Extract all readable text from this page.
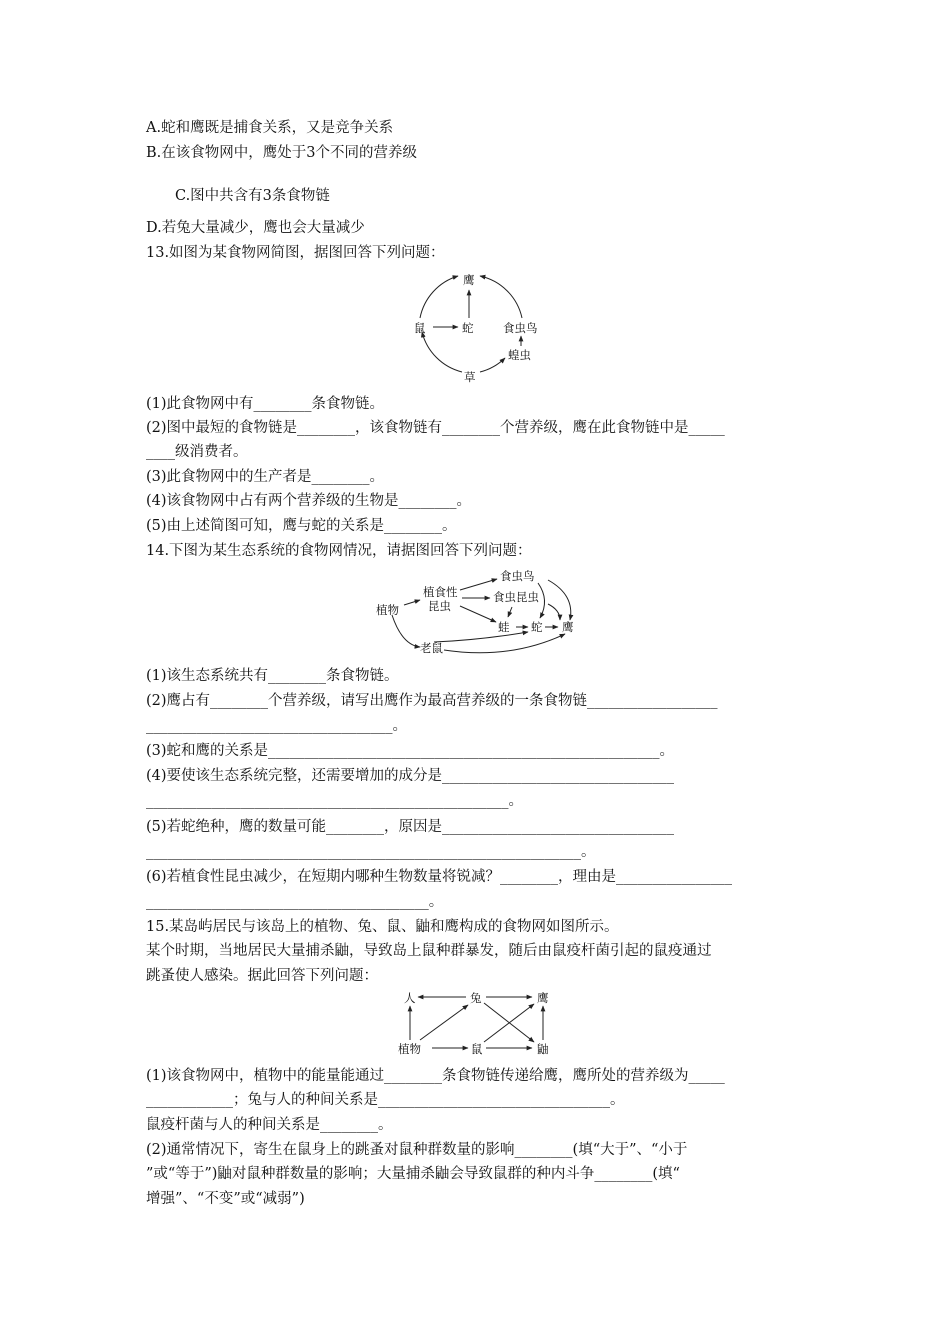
A.蛇和鹰既是捕食关系，又是竞争关系
B.在该食物网中，鹰处于3个不同的营养级
C.图中共含有3条食物链
D.若兔大量减少，鹰也会大量减少
13.如图为某食物网简图，据图回答下列问题：
鹰
鼠	蛇	食虫鸟
蝗虫
草
(1)此食物网中有________条食物链。
(2)图中最短的食物链是________，该食物链有________个营养级，鹰在此食物链中是_____
____级消费者。
(3)此食物网中的生产者是________。
(4)该食物网中占有两个营养级的生物是________。
(5)由上述简图可知，鹰与蛇的关系是________。
14.下图为某生态系统的食物网情况，请据图回答下列问题：
植物
植食性
昆虫
食虫鸟
食虫昆虫
蛙 蛇 鹰
老鼠
(1)该生态系统共有________条食物链。
(2)鹰占有________个营养级，请写出鹰作为最高营养级的一条食物链__________________
__________________________________。
(3)蛇和鹰的关系是______________________________________________________。
(4)要使该生态系统完整，还需要增加的成分是________________________________
__________________________________________________。
(5)若蛇绝种，鹰的数量可能________，原因是________________________________
____________________________________________________________。
(6)若植食性昆虫减少，在短期内哪种生物数量将锐减？________，理由是________________
_______________________________________。
15.某岛屿居民与该岛上的植物、兔、鼠、鼬和鹰构成的食物网如图所示。
某个时期，当地居民大量捕杀鼬，导致岛上鼠种群暴发，随后由鼠疫杆菌引起的鼠疫通过
跳蚤使人感染。据此回答下列问题：
人	兔	鹰
植物	鼠	鼬
(1)该食物网中，植物中的能量能通过________条食物链传递给鹰，鹰所处的营养级为_____
____________；兔与人的种间关系是________________________________。
鼠疫杆菌与人的种间关系是________。
(2)通常情况下，寄生在鼠身上的跳蚤对鼠种群数量的影响________(填“大于”、“小于
”或“等于”)鼬对鼠种群数量的影响；大量捕杀鼬会导致鼠群的种内斗争________(填“
增强”、“不变”或“减弱”)
